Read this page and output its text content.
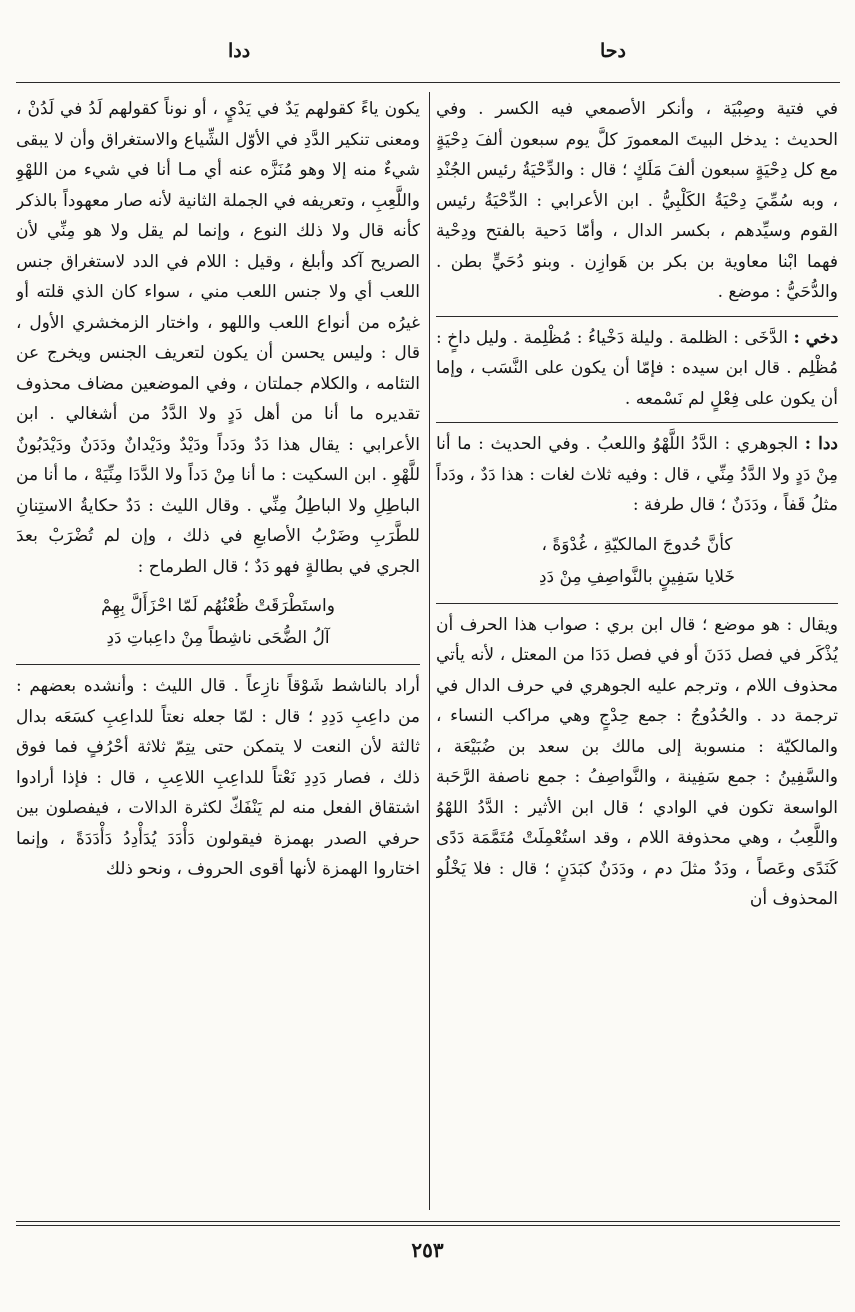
ددا	دحا

في فتية وصِبْيَة ، وأنكر الأصمعي فيه الكسر . وفي الحديث : يدخل البيتَ المعمورَ كلَّ يوم سبعون ألفَ دِحْيَةٍ مع كل دِحْيَةٍ سبعون ألفَ مَلَكٍ ؛ قال : والدِّحْيَةُ رئيس الجُنْدِ ، وبه سُمِّيَ دِحْيَةُ الكَلْبِيُّ . ابن الأعرابي : الدِّحْيَةُ رئيس القوم وسيِّدهم ، بكسر الدال ، وأمّا دَحية بالفتح ودِحْية فهما ابْنا معاوية بن بكر بن هَوازِن . وبنو دُحَيٍّ بطن . والدُّحَيُّ : موضع .

دخي : الدَّخَى : الظلمة . وليلة دَخْياءُ : مُظْلِمة . وليل داخٍ : مُظْلِم . قال ابن سيده : فإمّا أن يكون على النَّسَب ، وإما أن يكون على فِعْلٍ لم نَسْمعه .

ددا : الجوهري : الدَّدُ اللَّهْوُ واللعبُ . وفي الحديث : ما أنا مِنْ دَدٍ ولا الدَّدُ مِنِّي ، قال : وفيه ثلاث لغات : هذا دَدٌ ، ودَداً مثلُ قَفاً ، ودَدَنٌ ؛ قال طرفة :

كأنَّ حُدوجَ المالكيّةِ ، غُدْوَةً ،
خَلايا سَفِينٍ بالنَّواصِفِ مِنْ دَدِ

ويقال : هو موضع ؛ قال ابن بري : صواب هذا الحرف أن يُذْكَر في فصل دَدَنَ أو في فصل دَدَا من المعتل ، لأنه يأتي محذوف اللام ، وترجم عليه الجوهري في حرف الدال في ترجمة دد . والحُدُوجُ : جمع حِدْجٍ وهي مراكب النساء ، والمالكيّة : منسوبة إلى مالك بن سعد بن ضُبَيْعَة ، والسَّفِينُ : جمع سَفِينة ، والنَّواصِفُ : جمع ناصفة الرَّحَبة الواسعة تكون في الوادي ؛ قال ابن الأثير : الدَّدُ اللهْوُ واللَّعِبُ ، وهي محذوفة اللام ، وقد استُعْمِلَتْ مُتَمَّمَة دَدًى كَنَدًى وعَصاً ، ودَدٌ مثلَ دم ، ودَدَنٌ كبَدَنٍ ؛ قال : فلا يَخْلُو المحذوف أن

يكون ياءً كقولهم يَدٌ في يَدْيٍ ، أو نوناً كقولهم لَدُ في لَدُنْ ، ومعنى تنكير الدَّدِ في الأوّل الشِّياع والاستغراق وأن لا يبقى شيءٌ منه إلا وهو مُنَزَّه عنه أي مـا أنا في شيء من اللهْوِ واللَّعِبِ ، وتعريفه في الجملة الثانية لأنه صار معهوداً بالذكر كأنه قال ولا ذلك النوع ، وإنما لم يقل ولا هو مِنِّي لأن الصريح آكد وأبلغ ، وقيل : اللام في الدد لاستغراق جنس اللعب أي ولا جنس اللعب مني ، سواء كان الذي قلته أو غيرُه من أنواع اللعب واللهو ، واختار الزمخشري الأول ، قال : وليس يحسن أن يكون لتعريف الجنس ويخرج عن التئامه ، والكلام جملتان ، وفي الموضعين مضاف محذوف تقديره ما أنا من أهل دَدٍ ولا الدَّدُ من أشغالي . ابن الأعرابي : يقال هذا دَدٌ ودَداً ودَيْدٌ ودَيْدانٌ ودَدَنٌ ودَيْدَبُونٌ للَّهْوِ . ابن السكيت : ما أنا مِنْ دَداً ولا الدَّدَا مِنِّيَهْ ، ما أنا من الباطِلِ ولا الباطِلُ مِنِّي . وقال الليث : دَدٌ حكايةُ الاستِنانِ للطَّرَبِ وضَرْبُ الأصابعِ في ذلك ، وإن لم تُضْرَبْ بعدَ الجري في بطالةٍ فهو دَدٌ ؛ قال الطرماح :

واستَطْرَقَتْ ظُعْنُهُم لَمّا احْزَأَلَّ بِهِمْ
آلُ الضُّحَى ناشِطاً مِنْ داعِباتِ دَدِ

أراد بالناشط شَوْقاً نازِعاً . قال الليث : وأنشده بعضهم : من داعِبِ دَدِدِ ؛ قال : لمّا جعله نعتاً للداعِبِ كسَعَه بدال ثالثة لأن النعت لا يتمكن حتى يتِمّ ثلاثة أحْرُفٍ فما فوق ذلك ، فصار دَدِدِ نَعْتاً للداعِبِ اللاعِبِ ، قال : فإذا أرادوا اشتقاق الفعل منه لم يَنْفَكّ لكثرة الدالات ، فيفصلون بين حرفي الصدر بهمزة فيقولون دَأْدَدَ يُدَأْدِدُ دَأْدَدَةً ، وإنما اختاروا الهمزة لأنها أقوى الحروف ، ونحو ذلك

٢٥٣
